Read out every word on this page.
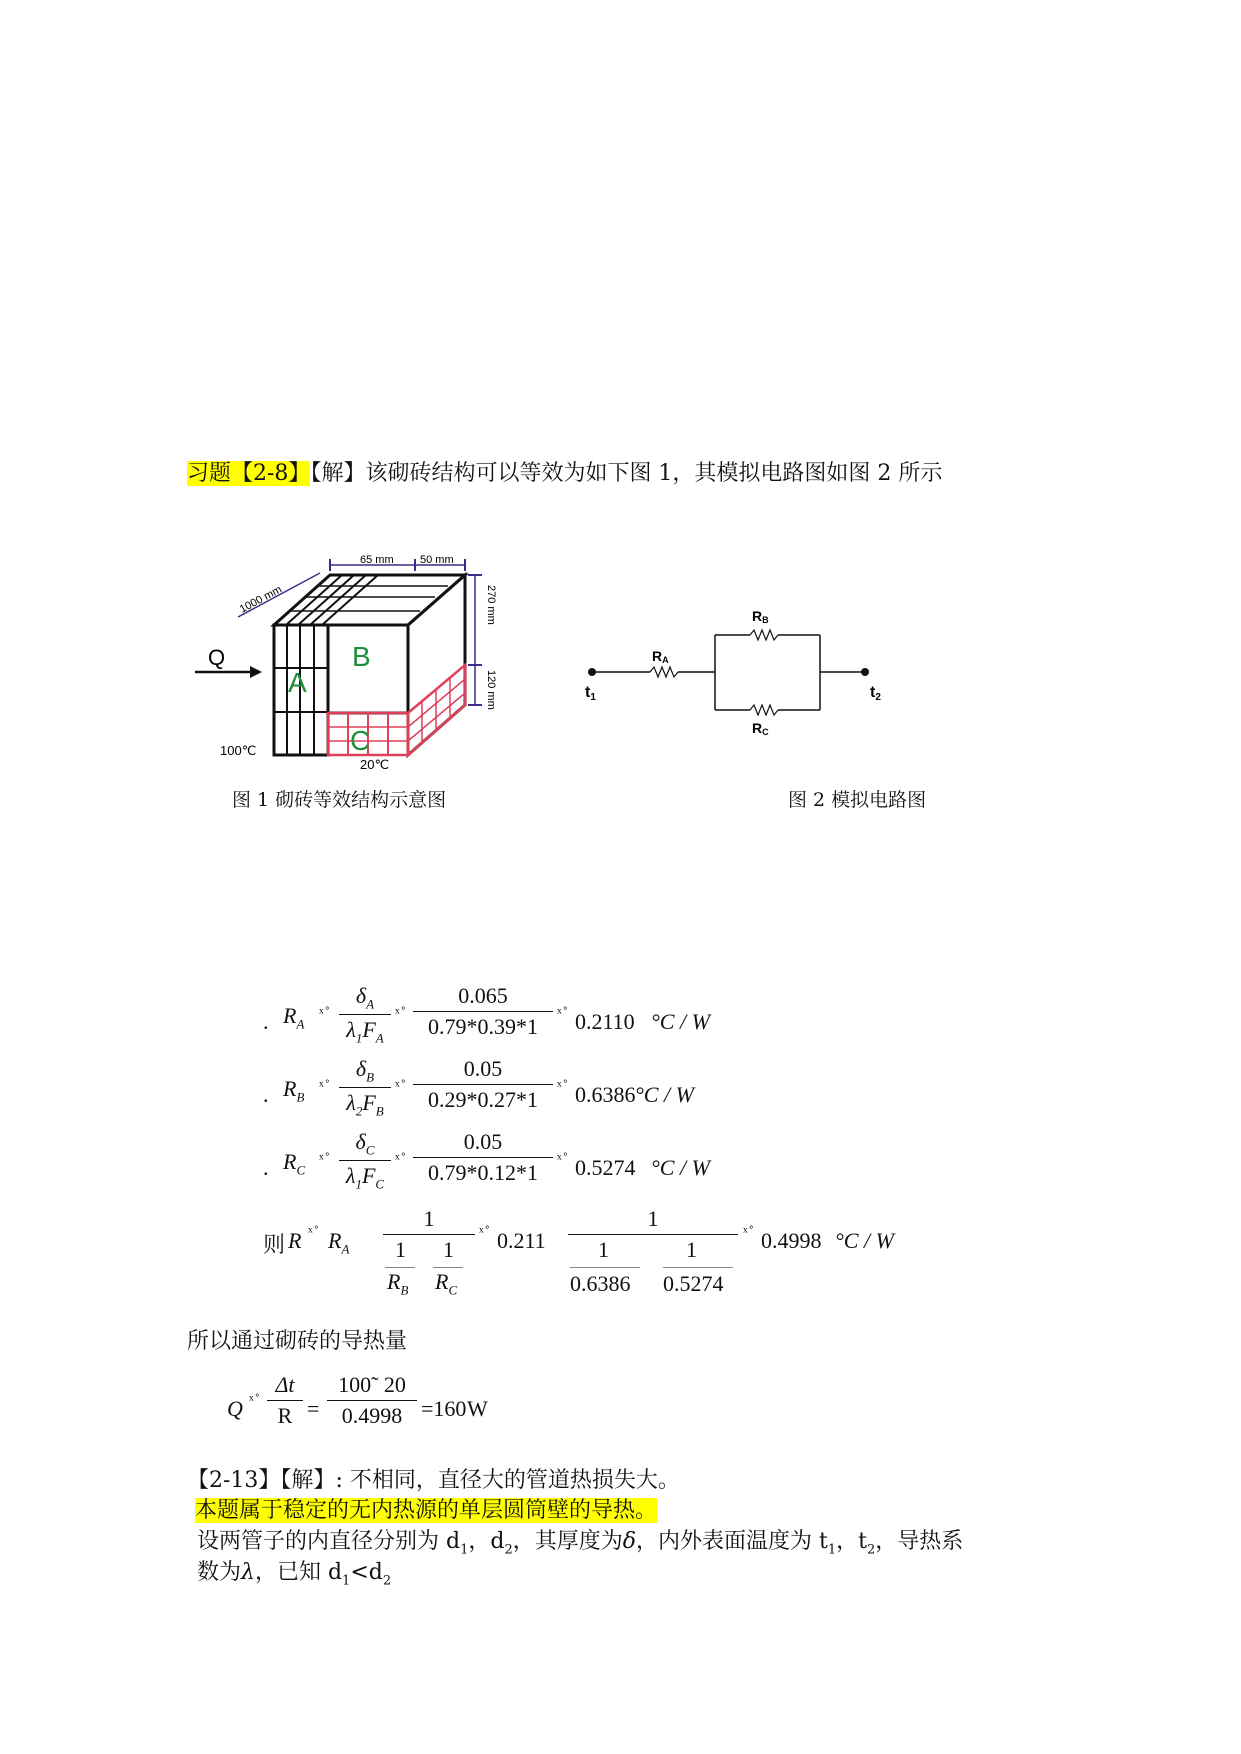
习题【2-8】【解】该砌砖结构可以等效为如下图 1，其模拟电路图如图 2 所示
Q
A
B
C
1000 mm
65 mm 50 mm
270 mm
120 mm
100℃
20℃
图 1 砌砖等效结构示意图
RA
RB
RC
t1	t2
图 2 模拟电路图
. $R_A$
ˣ˚
$\delta_A$
$\lambda_1F_A$
ˣ˚
0.065
0.79*0.39*1
ˣ˚ 0.2110 °C / W
. $R_B$
ˣ˚
$\delta_B$
$\lambda_2F_B$
ˣ˚
0.05
0.29*0.27*1
ˣ˚ 0.6386 °C / W
. $R_C$
ˣ˚
$\delta_C$
$\lambda_1F_C$
ˣ˚
0.05
0.79*0.12*1
ˣ˚ 0.5274 °C / W
则 R ˣ˚ $R_A$
1
1 1
$R_B$ $R_C$
ˣ˚ 0.211
1
1	1
0.6386 0.5274
ˣ˚ 0.4998 °C / W
所以通过砌砖的导热量
Q ˣ˚
Δt
R =
100˜ 20
0.4998 =160 W
【2-13】【解】: 不相同，直径大的管道热损失大。
本题属于稳定的无内热源的单层圆筒壁的导热。
设两管子的内直径分别为 $d_1$，$d_2$，其厚度为δ，内外表面温度为 $t_1$，$t_2$，导热系
数为λ，已知 $d_1<d_2$
